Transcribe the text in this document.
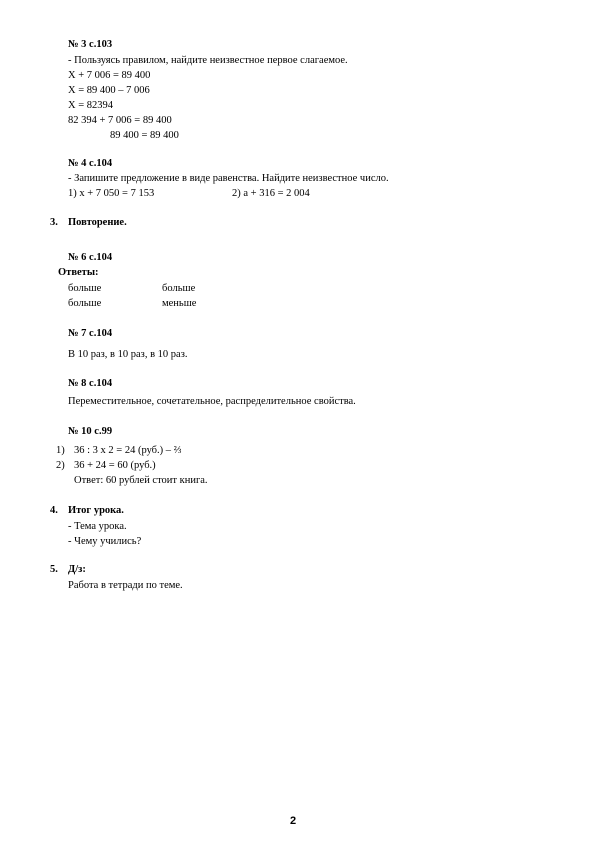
№ 3 с.103
- Пользуясь правилом, найдите неизвестное первое слагаемое.
X + 7 006 = 89 400
X = 89 400 – 7 006
X = 82394
82 394 + 7 006 = 89 400
89 400 = 89 400
№ 4 с.104
- Запишите предложение в виде равенства. Найдите неизвестное число.
1) х + 7 050 = 7 153	2) а + 316 = 2 004
3. Повторение.
№ 6 с.104
Ответы:
больше	больше
больше	меньше
№ 7 с.104
В 10 раз, в 10 раз, в 10 раз.
№ 8 с.104
Переместительное, сочетательное, распределительное свойства.
№ 10 с.99
1) 36 : 3 х 2 = 24 (руб.) – ⅔
2) 36 + 24 = 60 (руб.)
Ответ: 60 рублей стоит книга.
4. Итог урока.
- Тема урока.
- Чему учились?
5. Д/з:
Работа в тетради по теме.
2
